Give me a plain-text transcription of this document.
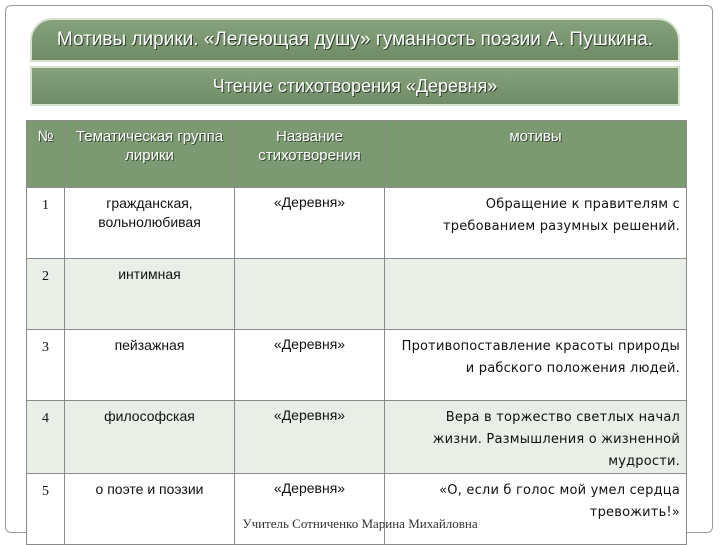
Мотивы лирики. «Лелеющая душу» гуманность поэзии А. Пушкина.
Чтение стихотворения «Деревня»
№	Тематическая группа лирики	Название стихотворения	мотивы
1	гражданская, вольнолюбивая	«Деревня»	Обращение к правителям с требованием разумных решений.
2	интимная		
3	пейзажная	«Деревня»	Противопоставление красоты природы и рабского положения людей.
4	философская	«Деревня»	Вера в торжество светлых начал жизни. Размышления о жизненной мудрости.
5	о поэте и поэзии	«Деревня»	«О, если б голос мой умел сердца тревожить!»
Учитель Сотниченко Марина Михайловна
